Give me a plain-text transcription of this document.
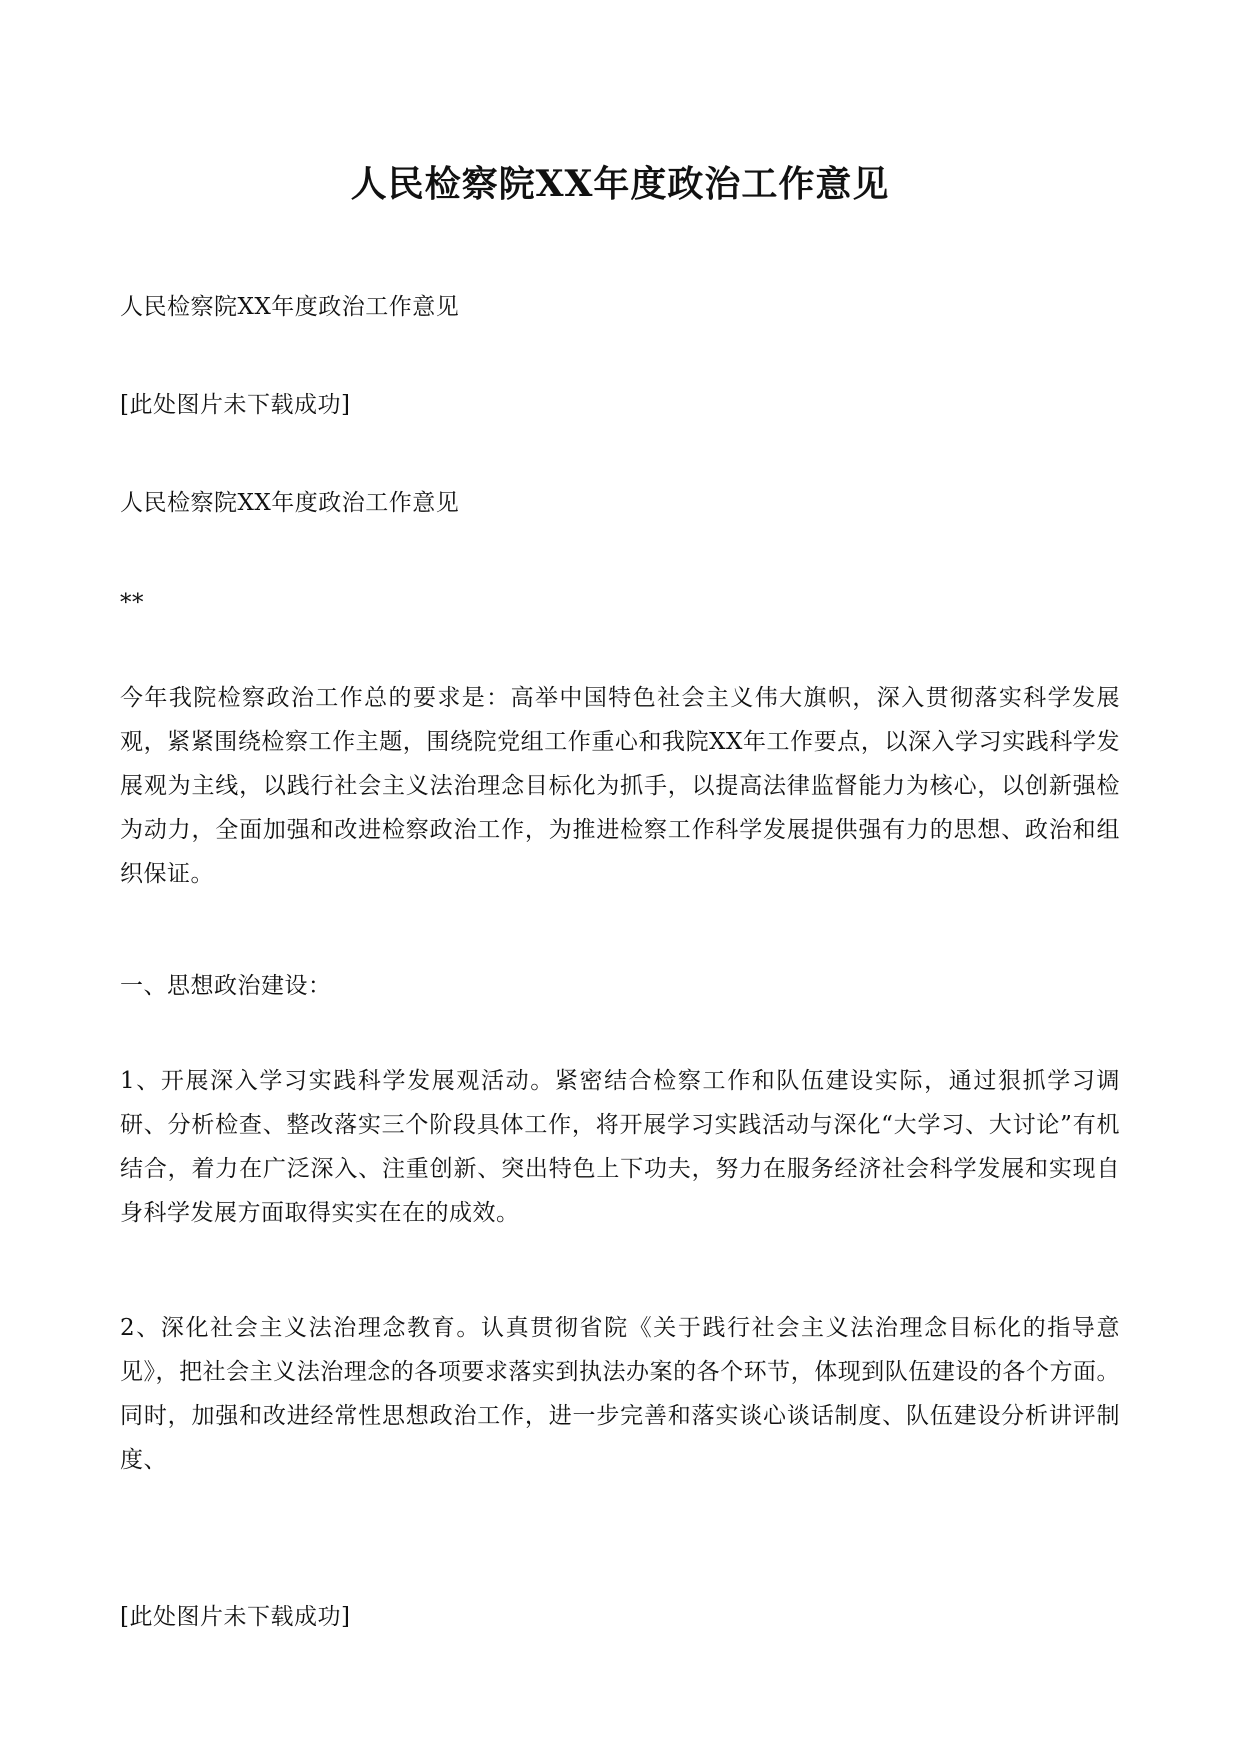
人民检察院XX年度政治工作意见
人民检察院XX年度政治工作意见
[此处图片未下载成功]
人民检察院XX年度政治工作意见
**
今年我院检察政治工作总的要求是：高举中国特色社会主义伟大旗帜，深入贯彻落实科学发展观，紧紧围绕检察工作主题，围绕院党组工作重心和我院XX年工作要点，以深入学习实践科学发展观为主线，以践行社会主义法治理念目标化为抓手，以提高法律监督能力为核心，以创新强检为动力，全面加强和改进检察政治工作，为推进检察工作科学发展提供强有力的思想、政治和组织保证。
一、思想政治建设：
1、开展深入学习实践科学发展观活动。紧密结合检察工作和队伍建设实际，通过狠抓学习调研、分析检查、整改落实三个阶段具体工作，将开展学习实践活动与深化“大学习、大讨论”有机结合，着力在广泛深入、注重创新、突出特色上下功夫，努力在服务经济社会科学发展和实现自身科学发展方面取得实实在在的成效。
2、深化社会主义法治理念教育。认真贯彻省院《关于践行社会主义法治理念目标化的指导意见》，把社会主义法治理念的各项要求落实到执法办案的各个环节，体现到队伍建设的各个方面。同时，加强和改进经常性思想政治工作，进一步完善和落实谈心谈话制度、队伍建设分析讲评制度、
[此处图片未下载成功]
